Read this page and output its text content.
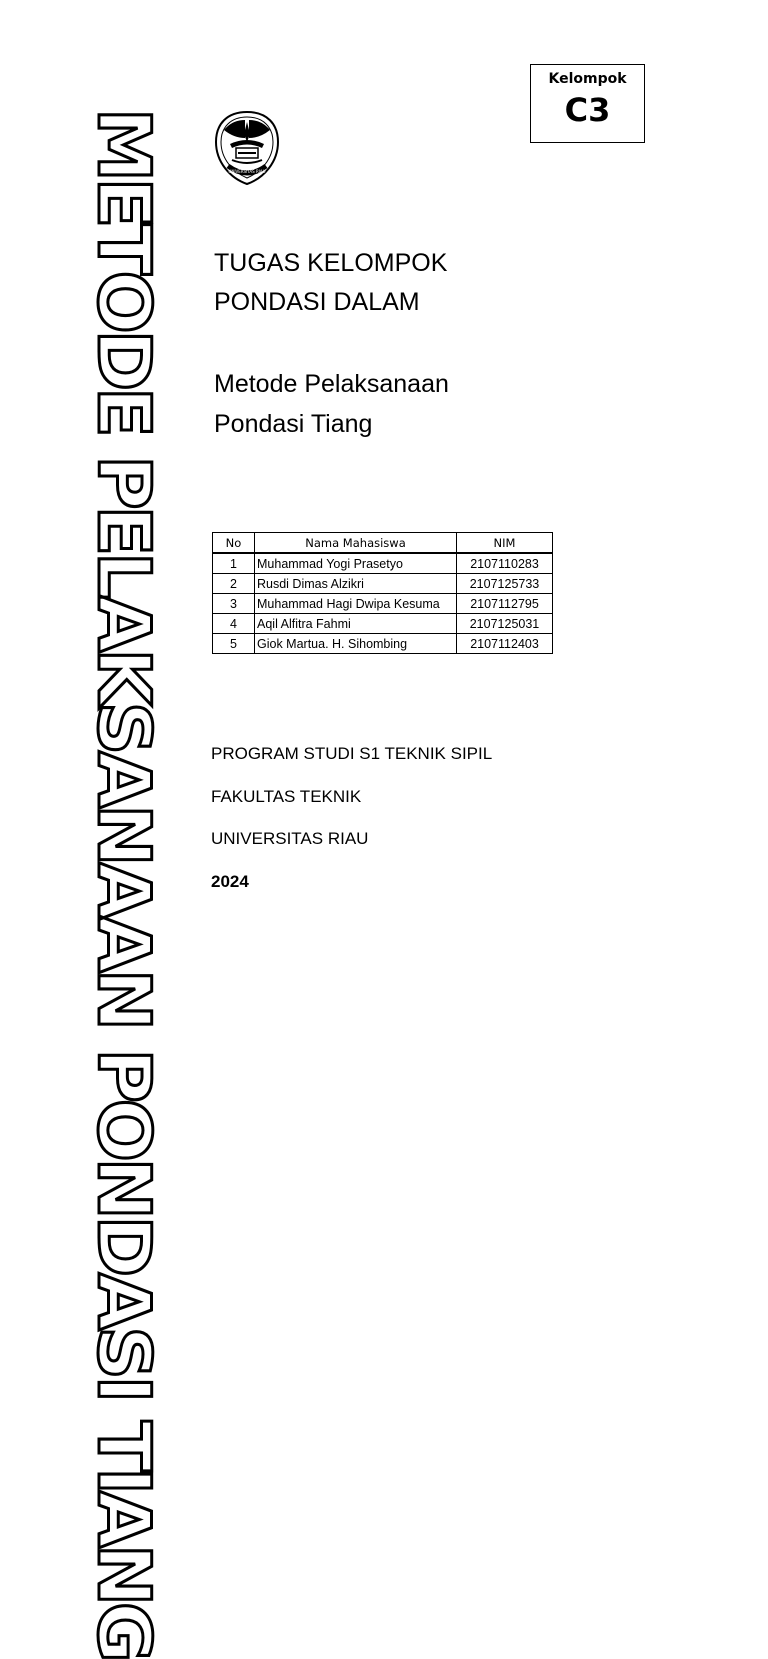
Kelompok
C3
METODE PELAKSANAAN PONDASI TIANG	UNIVERSITAS RIAU
TUGAS KELOMPOK
PONDASI DALAM
Metode Pelaksanaan
Pondasi Tiang
No	Nama Mahasiswa	NIM
1	Muhammad Yogi Prasetyo	2107110283
2	Rusdi Dimas Alzikri	2107125733
3	Muhammad Hagi Dwipa Kesuma	2107112795
4	Aqil Alfitra Fahmi	2107125031
5	Giok Martua. H. Sihombing	2107112403
PROGRAM STUDI S1 TEKNIK SIPIL
FAKULTAS TEKNIK
UNIVERSITAS RIAU
2024
